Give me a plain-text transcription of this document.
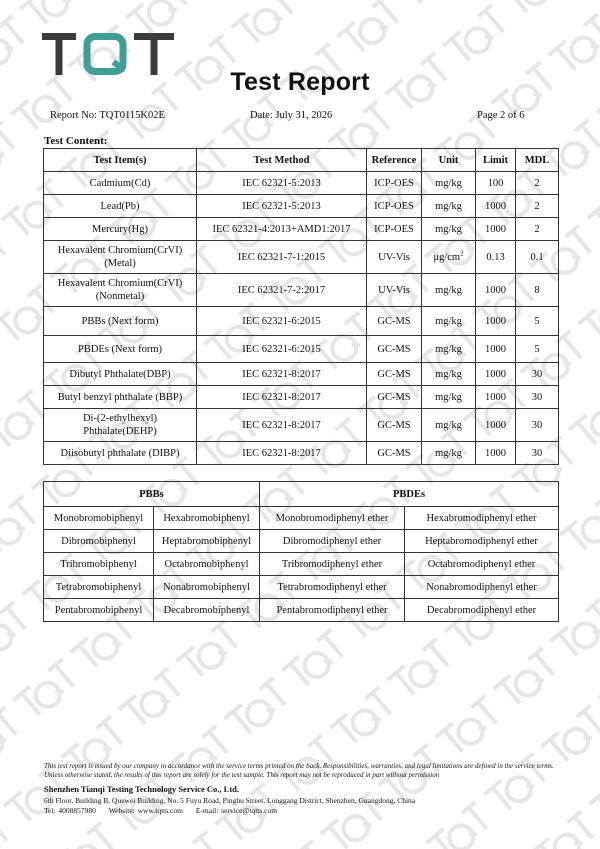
Test Report
Report No: TQT0115K02E	Date: July 31, 2026	Page 2 of 6
Test Content:
Test Item(s)	Test Method	Reference	Unit	Limit	MDL
Cadmium(Cd)	IEC 62321-5:2013	ICP-OES	mg/kg	100	2
Lead(Pb)	IEC 62321-5:2013	ICP-OES	mg/kg	1000	2
Mercury(Hg)	IEC 62321-4:2013+AMD1:2017	ICP-OES	mg/kg	1000	2
Hexavalent Chromium(CrVI) (Metal)	IEC 62321-7-1:2015	UV-Vis	$\mu g/cm^2$	0.13	0.1
Hexavalent Chromium(CrVI) (Nonmetal)	IEC 62321-7-2:2017	UV-Vis	mg/kg	1000	8
PBBs (Next form)	IEC 62321-6:2015	GC-MS	mg/kg	1000	5
PBDEs (Next form)	IEC 62321-6:2015	GC-MS	mg/kg	1000	5
Dibutyl Phthalate(DBP)	IEC 62321-8:2017	GC-MS	mg/kg	1000	30
Butyl benzyl phthalate (BBP)	IEC 62321-8:2017	GC-MS	mg/kg	1000	30
Di-(2-ethylhexyl) Phthalate(DEHP)	IEC 62321-8:2017	GC-MS	mg/kg	1000	30
Diisobutyl phthalate (DIBP)	IEC 62321-8:2017	GC-MS	mg/kg	1000	30
PBBs		PBDEs	
Monobromobiphenyl	Hexabromobiphenyl	Monobromodiphenyl ether	Hexabromodiphenyl ether
Dibromobiphenyl	Heptabromobiphenyl	Dibromodiphenyl ether	Heptabromodiphenyl ether
Tribromobiphenyl	Octabromobiphenyl	Tribromodiphenyl ether	Octabromodiphenyl ether
Tetrabromobiphenyl	Nonabromobiphenyl	Tetrabromodiphenyl ether	Nonabromodiphenyl ether
Pentabromobiphenyl	Decabromobiphenyl	Pentabromodiphenyl ether	Decabromodiphenyl ether
This test report is issued by our company in accordance with the service terms printed on the back. Responsibilities, warranties, and legal limitations are defined in the service terms. Unless otherwise stated, the results of this report are solely for the test sample. This report may not be reproduced in part without permission
Shenzhen Tianqi Testing Technology Service Co., Ltd.
6th Floor, Building B, Quewei Building, No. 5 Fuyu Road, Pinghu Street, Longgang District, Shenzhen, Guangdong, China
Tel: 4008857980 Website: www.tqtts.com E-mail: service@tqtts.com
